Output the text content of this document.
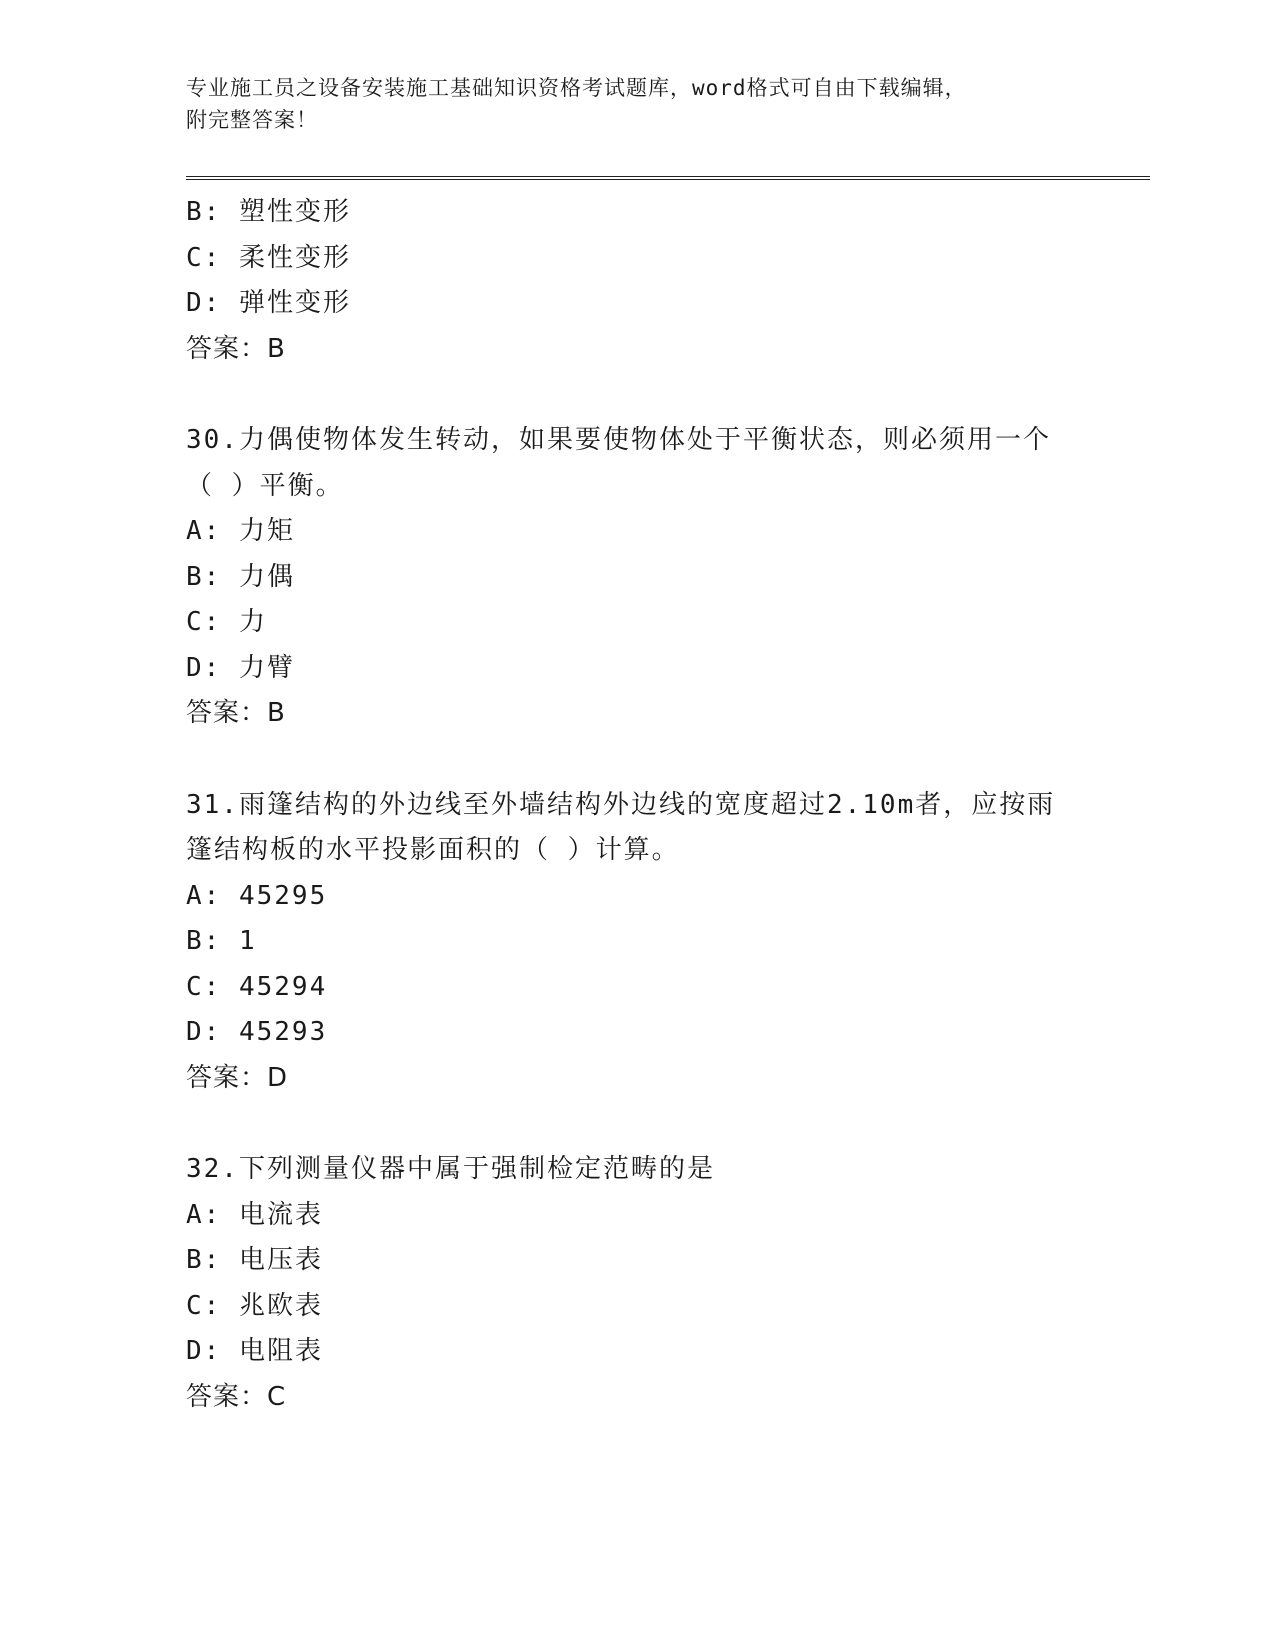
专业施工员之设备安装施工基础知识资格考试题库，word格式可自由下载编辑，
附完整答案！
B: 塑性变形
C: 柔性变形
D: 弹性变形
答案：B
30.力偶使物体发生转动，如果要使物体处于平衡状态，则必须用一个
（ ）平衡。
A: 力矩
B: 力偶
C: 力
D: 力臂
答案：B
31.雨篷结构的外边线至外墙结构外边线的宽度超过2.10m者，应按雨
篷结构板的水平投影面积的（ ）计算。
A: 45295
B: 1
C: 45294
D: 45293
答案：D
32.下列测量仪器中属于强制检定范畴的是
A: 电流表
B: 电压表
C: 兆欧表
D: 电阻表
答案：C
